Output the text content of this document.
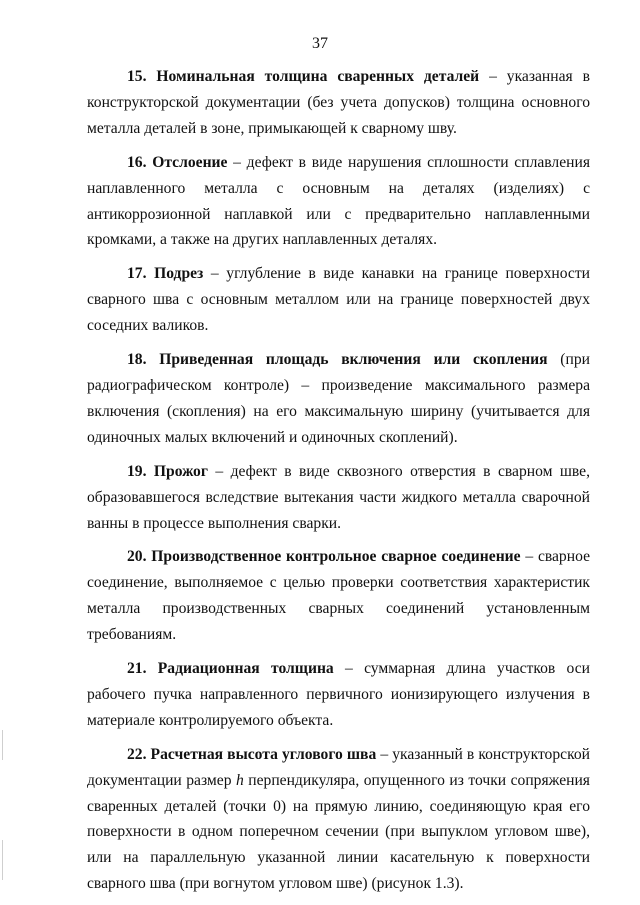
37

15. Номинальная толщина сваренных деталей – указанная в конструкторской документации (без учета допусков) толщина основного металла деталей в зоне, примыкающей к сварному шву.

16. Отслоение – дефект в виде нарушения сплошности сплавления наплавленного металла с основным на деталях (изделиях) с антикоррозионной наплавкой или с предварительно наплавленными кромками, а также на других наплавленных деталях.

17. Подрез – углубление в виде канавки на границе поверхности сварного шва с основным металлом или на границе поверхностей двух соседних валиков.

18. Приведенная площадь включения или скопления (при радиографическом контроле) – произведение максимального размера включения (скопления) на его максимальную ширину (учитывается для одиночных малых включений и одиночных скоплений).

19. Прожог – дефект в виде сквозного отверстия в сварном шве, образовавшегося вследствие вытекания части жидкого металла сварочной ванны в процессе выполнения сварки.

20. Производственное контрольное сварное соединение – сварное соединение, выполняемое с целью проверки соответствия характеристик металла производственных сварных соединений установленным требованиям.

21. Радиационная толщина – суммарная длина участков оси рабочего пучка направленного первичного ионизирующего излучения в материале контролируемого объекта.

22. Расчетная высота углового шва – указанный в конструкторской документации размер h перпендикуляра, опущенного из точки сопряжения сваренных деталей (точки 0) на прямую линию, соединяющую края его поверхности в одном поперечном сечении (при выпуклом угловом шве), или на параллельную указанной линии касательную к поверхности сварного шва (при вогнутом угловом шве) (рисунок 1.3).
